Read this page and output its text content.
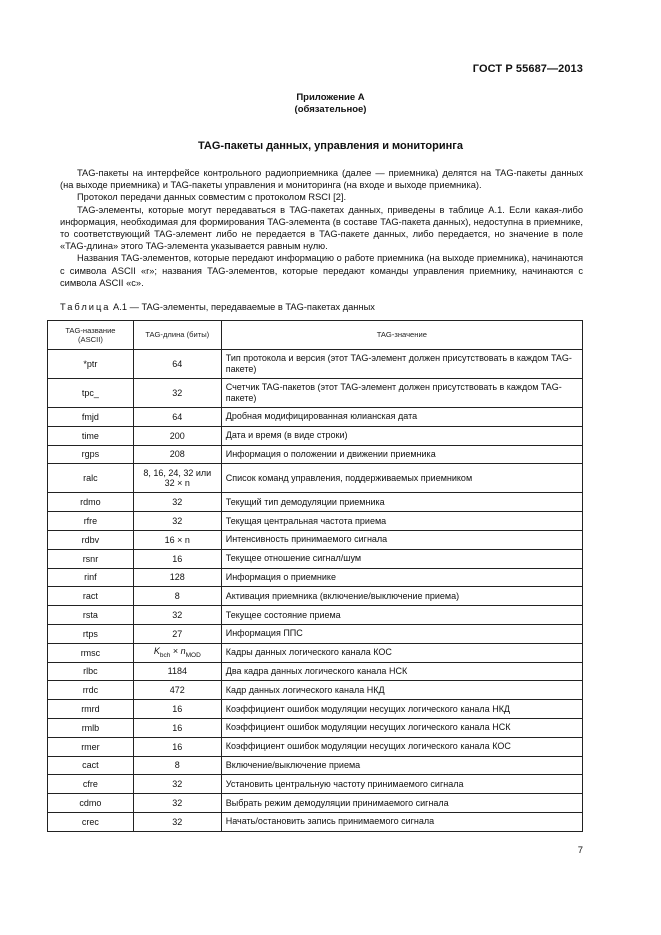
ГОСТ Р 55687—2013
Приложение А
(обязательное)
TAG-пакеты данных, управления и мониторинга

TAG-пакеты на интерфейсе контрольного радиоприемника (далее — приемника) делятся на TAG-пакеты данных (на выходе приемника) и TAG-пакеты управления и мониторинга (на входе и выходе приемника).

Протокол передачи данных совместим с протоколом RSCI [2].

TAG-элементы, которые могут передаваться в TAG-пакетах данных, приведены в таблице А.1. Если какая-либо информация, необходимая для формирования TAG-элемента (в составе TAG-пакета данных), недоступна в приемнике, то соответствующий TAG-элемент либо не передается в TAG-пакете данных, либо передается, но значение в поле «TAG-длина» этого TAG-элемента указывается равным нулю.

Названия TAG-элементов, которые передают информацию о работе приемника (на выходе приемника), начинаются с символа ASCII «r»; названия TAG-элементов, которые передают команды управления приемнику, начинаются с символа ASCII «c».

Таблица А.1 — TAG-элементы, передаваемые в TAG-пакетах данных
TAG-название (ASCII)	TAG-длина (биты)	TAG-значение
*ptr	64	Тип протокола и версия (этот TAG-элемент должен присутствовать в каждом TAG-пакете)
tpc_	32	Счетчик TAG-пакетов (этот TAG-элемент должен присутствовать в каждом TAG-пакете)
fmjd	64	Дробная модифицированная юлианская дата
time	200	Дата и время (в виде строки)
rgps	208	Информация о положении и движении приемника
ralc	8, 16, 24, 32 или 32 × n	Список команд управления, поддерживаемых приемником
rdmo	32	Текущий тип демодуляции приемника
rfre	32	Текущая центральная частота приема
rdbv	16 × n	Интенсивность принимаемого сигнала
rsnr	16	Текущее отношение сигнал/шум
rinf	128	Информация о приемнике
ract	8	Активация приемника (включение/выключение приема)
rsta	32	Текущее состояние приема
rtps	27	Информация ППС
rmsc	$K_{bch} \times n_{MOD}$	Кадры данных логического канала КОС
rlbc	1184	Два кадра данных логического канала НСК
rrdc	472	Кадр данных логического канала НКД
rmrd	16	Коэффициент ошибок модуляции несущих логического канала НКД
rmlb	16	Коэффициент ошибок модуляции несущих логического канала НСК
rmer	16	Коэффициент ошибок модуляции несущих логического канала КОС
cact	8	Включение/выключение приема
cfre	32	Установить центральную частоту принимаемого сигнала
cdmo	32	Выбрать режим демодуляции принимаемого сигнала
crec	32	Начать/остановить запись принимаемого сигнала
7
